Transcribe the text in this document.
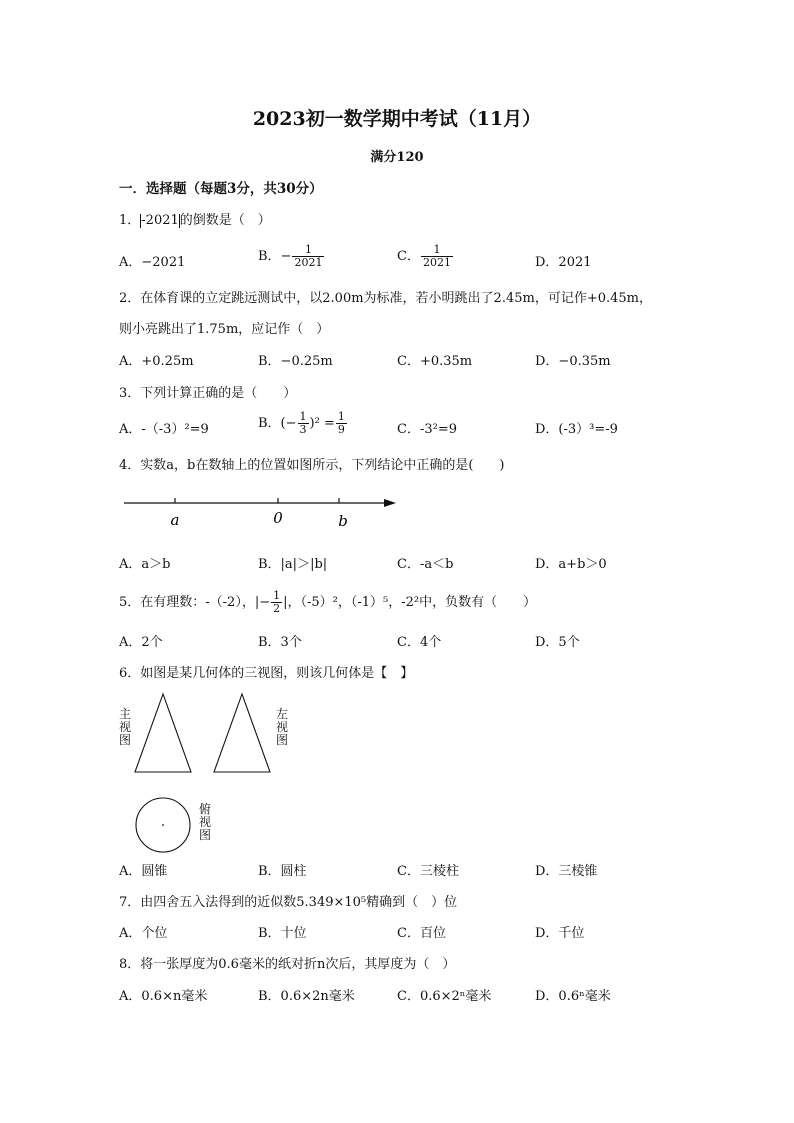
2023初一数学期中考试（11月）
满分120
一．选择题（每题3分，共30分）
1．-2021的倒数是（　）
A．−2021	B．− $\frac{1}{2021}$	C． $\frac{1}{2021}$	D．2021
2．在体育课的立定跳远测试中，以2.00m为标准，若小明跳出了2.45m，可记作+0.45m，
则小亮跳出了1.75m，应记作（　）
A．+0.25m	B．−0.25m	C．+0.35m	D．−0.35m
3．下列计算正确的是（　　）
A．-（-3）²=9	B．(− $\frac{1}{3} )^2 = \frac{1}{9}$	C．-3²=9	D．(-3）³=-9
4．实数a，b在数轴上的位置如图所示，下列结论中正确的是(　　)
a	0	b
A．a＞b	B．|a|＞|b|	C．-a＜b	D．a+b＞0
5．在有理数：-（-2），|− $\frac{1}{2}$ |，（-5）²，（-1）⁵，-2²中，负数有（　　）
A．2个	B．3个	C．4个	D．5个
6．如图是某几何体的三视图，则该几何体是【　】
主视图
左视图
俯视图
A．圆锥	B．圆柱	C．三棱柱	D．三棱锥
7．由四舍五入法得到的近似数5.349×10⁵精确到（　）位
A．个位	B．十位	C．百位	D．千位
8．将一张厚度为0.6毫米的纸对折n次后，其厚度为（　）
A．0.6×n毫米	B．0.6×2n毫米	C．0.6×2ⁿ毫米	D．0.6ⁿ毫米
